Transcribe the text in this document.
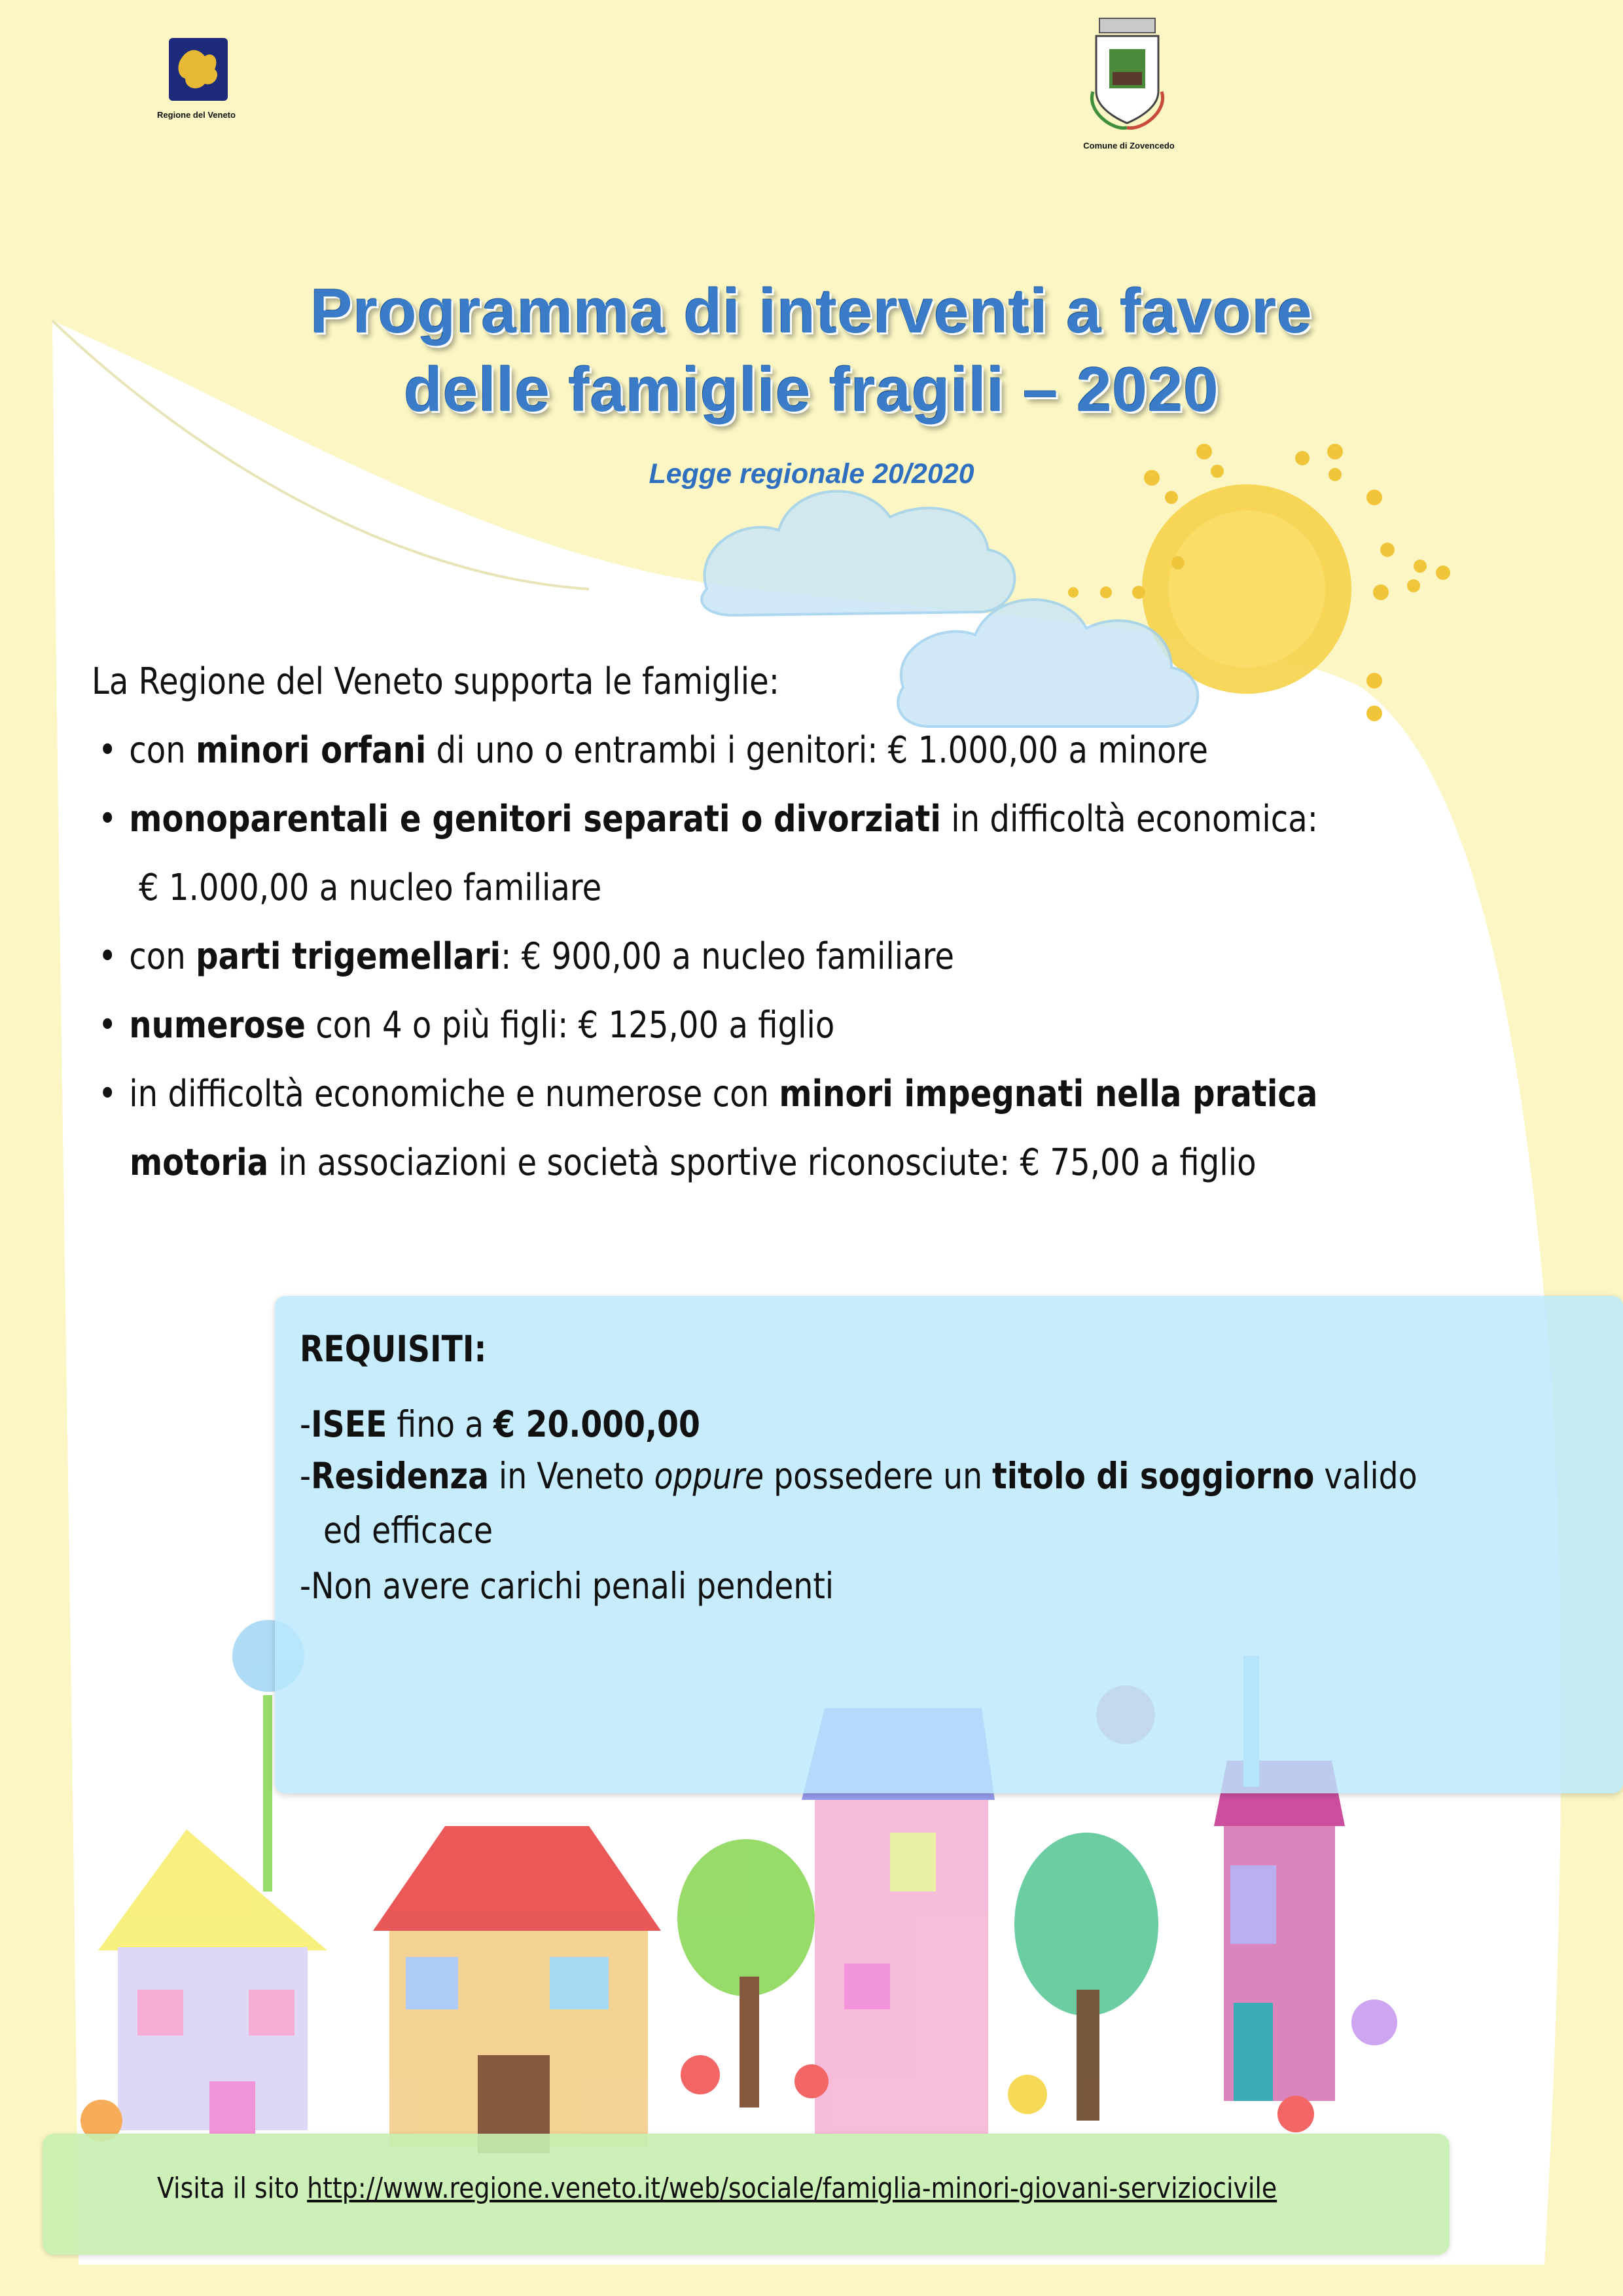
Regione del Veneto
Comune di Zovencedo
Programma di interventi a favore
delle famiglie fragili – 2020
Legge regionale 20/2020
La Regione del Veneto supporta le famiglie:
• con minori orfani di uno o entrambi i genitori: € 1.000,00 a minore
• monoparentali e genitori separati o divorziati in difficoltà economica:
€ 1.000,00 a nucleo familiare
• con parti trigemellari: € 900,00 a nucleo familiare
• numerose con 4 o più figli: € 125,00 a figlio
• in difficoltà economiche e numerose con minori impegnati nella pratica
motoria in associazioni e società sportive riconosciute: € 75,00 a figlio
REQUISITI:
-ISEE fino a € 20.000,00
-Residenza in Veneto oppure possedere un titolo di soggiorno valido
ed efficace
-Non avere carichi penali pendenti
Visita il sito http://www.regione.veneto.it/web/sociale/famiglia-minori-giovani-serviziocivile
